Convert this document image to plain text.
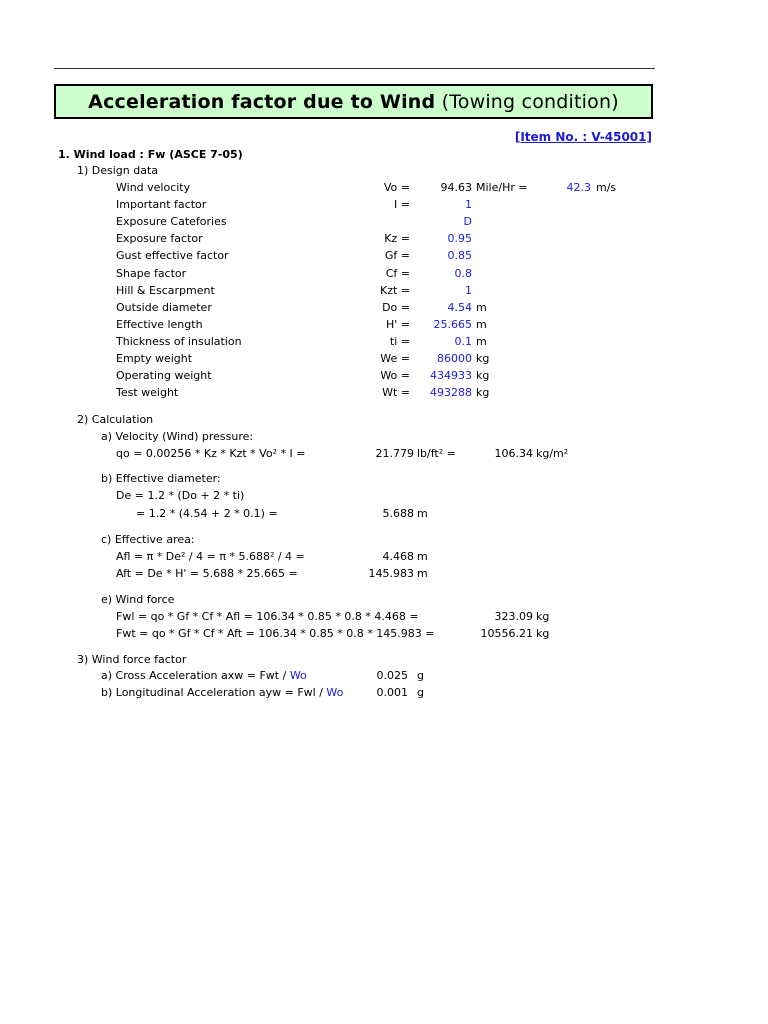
Acceleration factor due to Wind
(Towing condition)
[Item No. : V-45001]
1. Wind load : Fw (ASCE 7-05)
1) Design data
Wind velocity	Vo =	94.63 Mile/Hr =	42.3 m/s
Important factor	I =	1
Exposure Catefories	D
Exposure factor	Kz =	0.95
Gust effective factor	Gf =	0.85
Shape factor	Cf =	0.8
Hill & Escarpment	Kzt =	1
Outside diameter	Do =	4.54 m
Effective length	H' =	25.665 m
Thickness of insulation	ti =	0.1 m
Empty weight	We =	86000 kg
Operating weight	Wo =	434933 kg
Test weight	Wt =	493288 kg
2) Calculation
a) Velocity (Wind) pressure:
qo = 0.00256 * Kz * Kzt * Vo² * I =	21.779 lb/ft² =	106.34 kg/m²
b) Effective diameter:
De = 1.2 * (Do + 2 * ti)
= 1.2 * (4.54 + 2 * 0.1) =	5.688 m
c) Effective area:
Afl = π * De² / 4 = π * 5.688² / 4 =	4.468 m
Aft = De * H' = 5.688 * 25.665 =	145.983 m
e) Wind force
Fwl = qo * Gf * Cf * Afl = 106.34 * 0.85 * 0.8 * 4.468 =	323.09 kg
Fwt = qo * Gf * Cf * Aft = 106.34 * 0.85 * 0.8 * 145.983 =	10556.21 kg
3) Wind force factor
a) Cross Acceleration axw = Fwt / Wo	0.025 g
b) Longitudinal Acceleration ayw = Fwl / Wo	0.001 g
